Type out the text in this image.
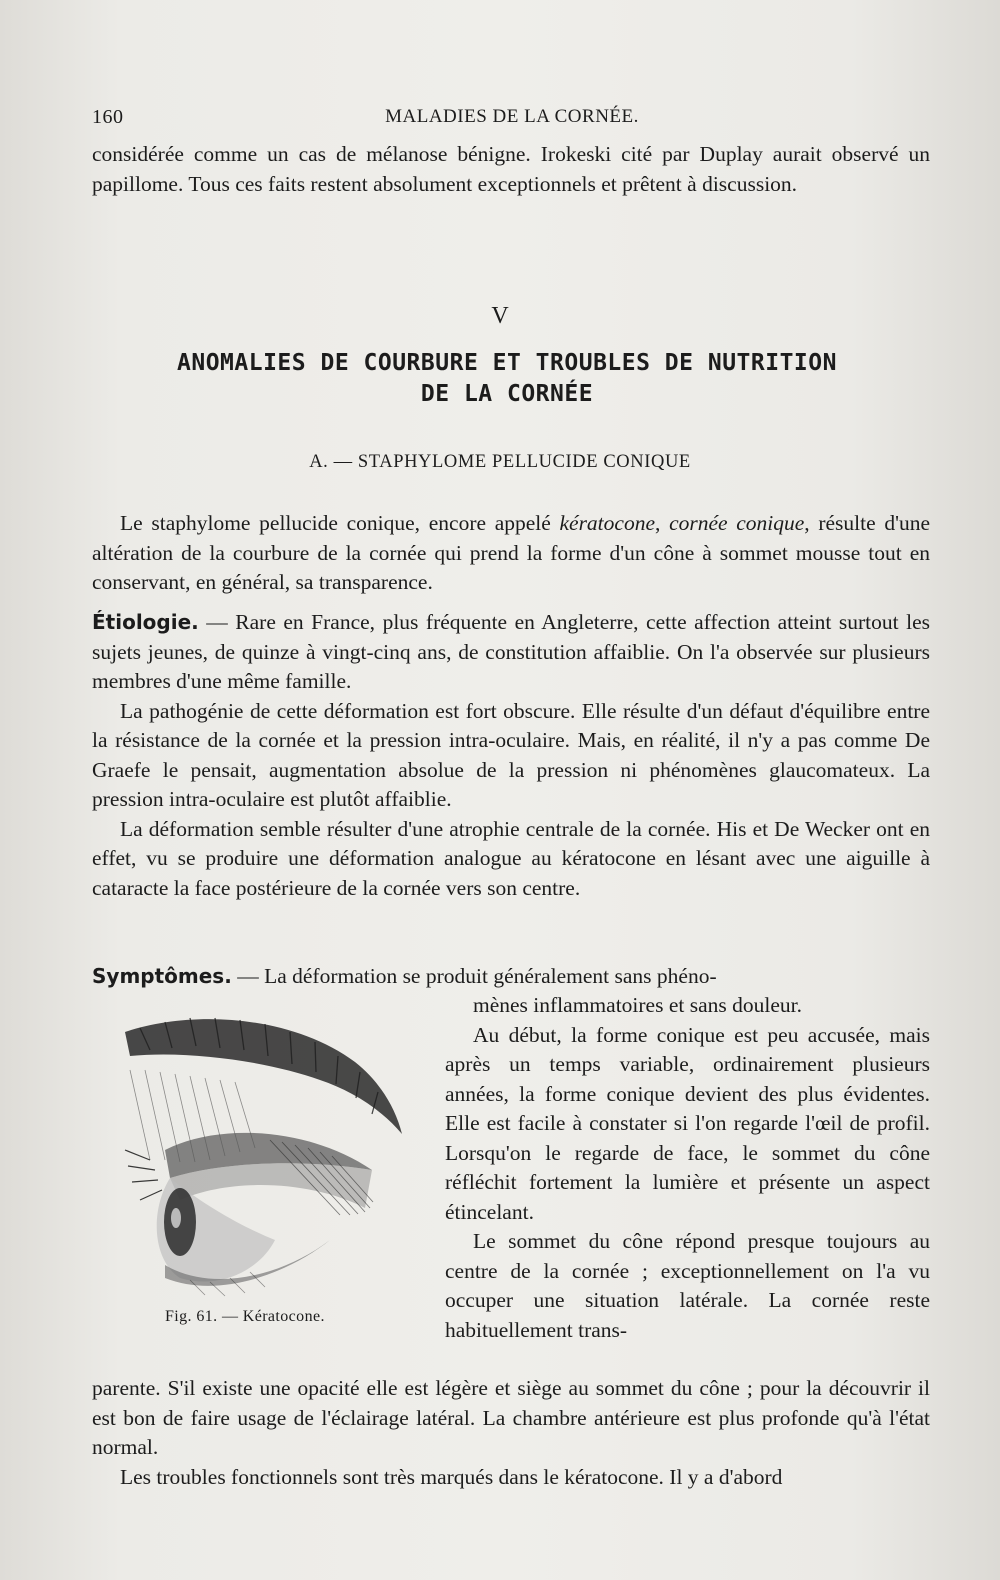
160	MALADIES DE LA CORNÉE.

considérée comme un cas de mélanose bénigne. Irokeski cité par Duplay aurait observé un papillome. Tous ces faits restent absolument exceptionnels et prêtent à discussion.

V
ANOMALIES DE COURBURE ET TROUBLES DE NUTRITION
DE LA CORNÉE
A. — STAPHYLOME PELLUCIDE CONIQUE

Le staphylome pellucide conique, encore appelé kératocone, cornée conique, résulte d'une altération de la courbure de la cornée qui prend la forme d'un cône à sommet mousse tout en conservant, en général, sa transparence.

Étiologie. — Rare en France, plus fréquente en Angleterre, cette affection atteint surtout les sujets jeunes, de quinze à vingt-cinq ans, de constitution affaiblie. On l'a observée sur plusieurs membres d'une même famille.

La pathogénie de cette déformation est fort obscure. Elle résulte d'un défaut d'équilibre entre la résistance de la cornée et la pression intra-oculaire. Mais, en réalité, il n'y a pas comme De Graefe le pensait, augmentation absolue de la pression ni phénomènes glaucomateux. La pression intra-oculaire est plutôt affaiblie.

La déformation semble résulter d'une atrophie centrale de la cornée. His et De Wecker ont en effet, vu se produire une déformation analogue au kératocone en lésant avec une aiguille à cataracte la face postérieure de la cornée vers son centre.

Symptômes. — La déformation se produit généralement sans phéno-

Fig. 61. — Kératocone.

mènes inflammatoires et sans douleur.

Au début, la forme conique est peu accusée, mais après un temps variable, ordinairement plusieurs années, la forme conique devient des plus évidentes. Elle est facile à constater si l'on regarde l'œil de profil. Lorsqu'on le regarde de face, le sommet du cône réfléchit fortement la lumière et présente un aspect étincelant.

Le sommet du cône répond presque toujours au centre de la cornée ; exceptionnellement on l'a vu occuper une situation latérale. La cornée reste habituellement trans-

parente. S'il existe une opacité elle est légère et siège au sommet du cône ; pour la découvrir il est bon de faire usage de l'éclairage latéral. La chambre antérieure est plus profonde qu'à l'état normal.

Les troubles fonctionnels sont très marqués dans le kératocone. Il y a d'abord
